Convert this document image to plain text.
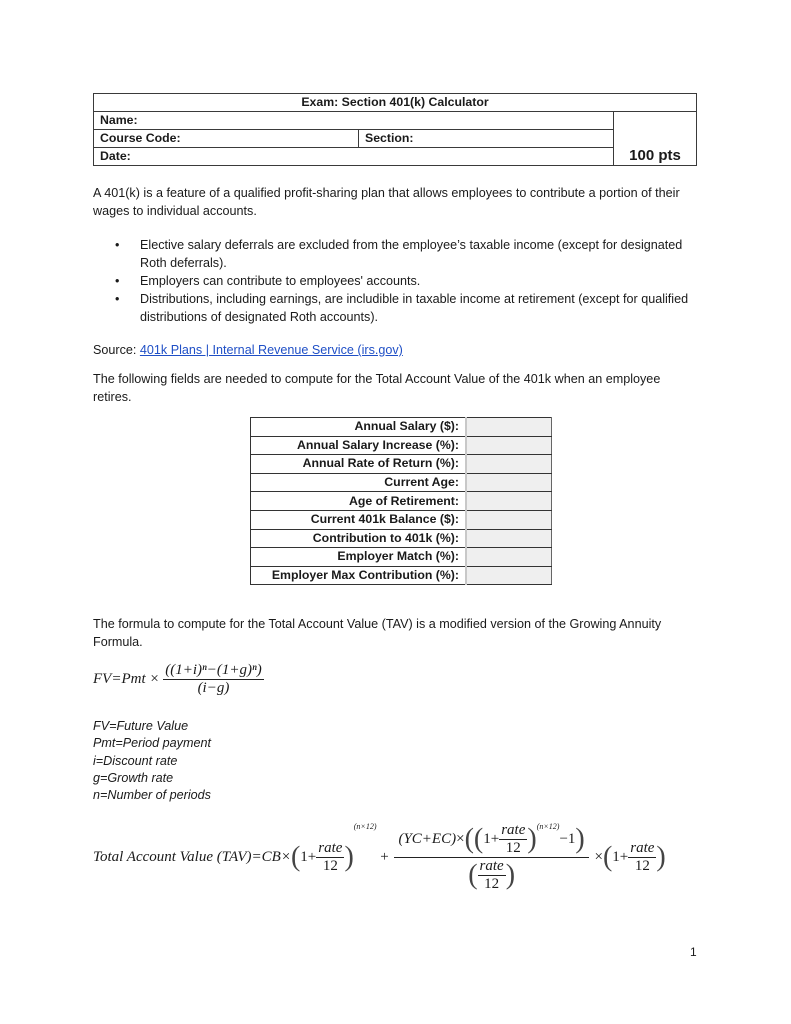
Exam: Section 401(k) Calculator		
Name:		100 pts
Course Code:	Section:	
Date:		
A 401(k) is a feature of a qualified profit-sharing plan that allows employees to contribute a portion of their wages to individual accounts.
• Elective salary deferrals are excluded from the employee’s taxable income (except for designated Roth deferrals).
• Employers can contribute to employees' accounts.
• Distributions, including earnings, are includible in taxable income at retirement (except for qualified distributions of designated Roth accounts).
Source: 401k Plans | Internal Revenue Service (irs.gov)
The following fields are needed to compute for the Total Account Value of the 401k when an employee retires.
Annual Salary ($):	
Annual Salary Increase (%):	
Annual Rate of Return (%):	
Current Age:	
Age of Retirement:	
Current 401k Balance ($):	
Contribution to 401k (%):	
Employer Match (%):	
Employer Max Contribution (%):	
The formula to compute for the Total Account Value (TAV) is a modified version of the Growing Annuity Formula.
$FV=Pmt \times \frac{\text{((1+i)ⁿ−(1+g)ⁿ)}}{(i-g)}$
FV=Future Value
Pmt=Period payment
i=Discount rate
g=Growth rate
n=Number of periods
Total Account Value $(TAV)=CB\times(1+ \frac{\text{rate}}{12} )^{(n\times 12)} + \frac{(YC+EC)\times((1+ \frac{\text{rate}}{12} )^{(n\times 12)}-1)}{( \frac{\text{rate}}{12} )} \times(1+ \frac{\text{rate}}{12}$ )
1
